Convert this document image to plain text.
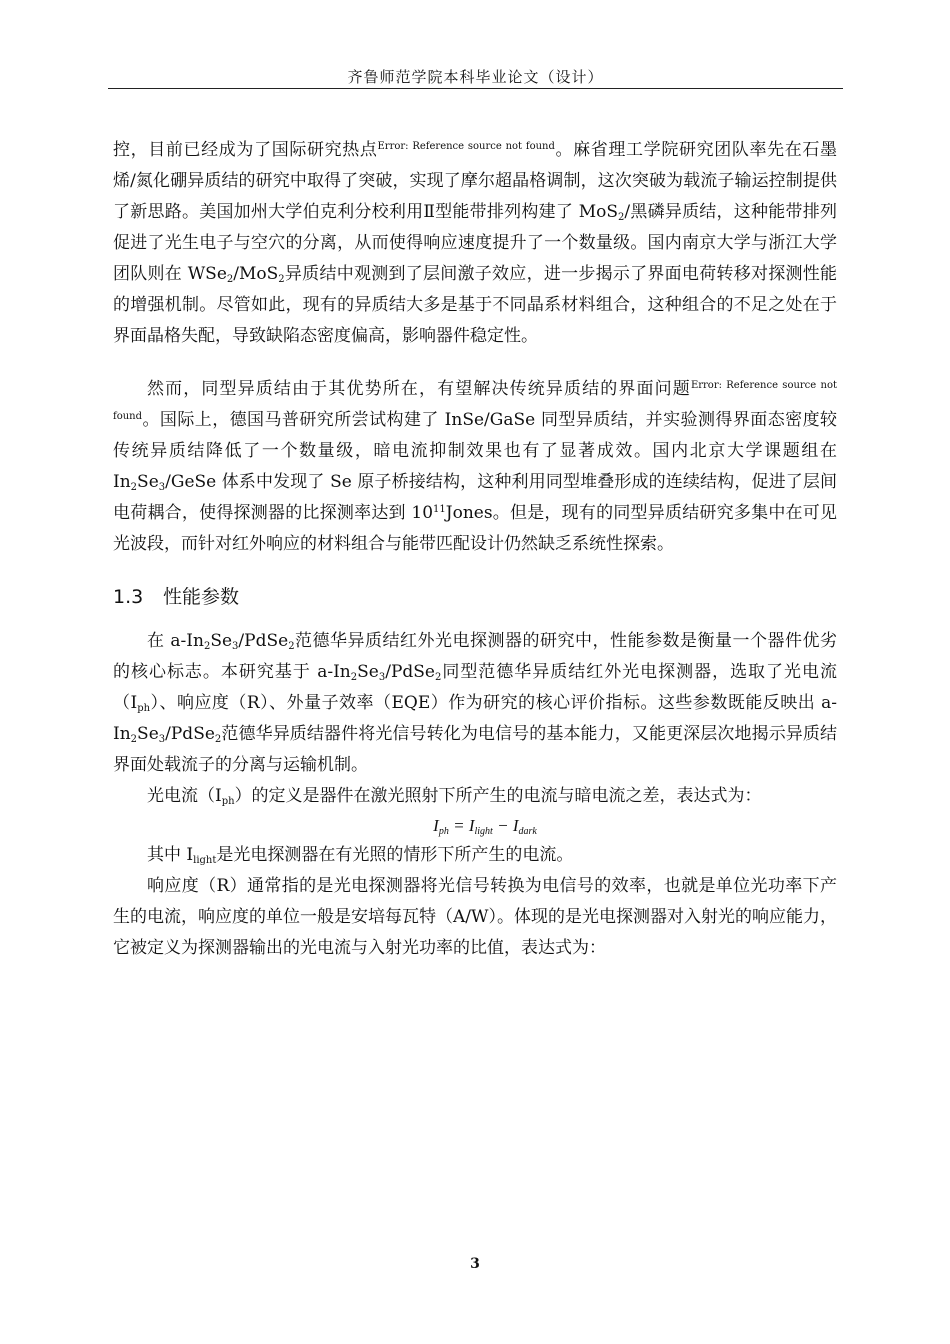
齐鲁师范学院本科毕业论文（设计）

控，目前已经成为了国际研究热点$^{Error: Reference source not found}$。麻省理工学院研究团队率先在石墨烯/氮化硼异质结的研究中取得了突破，实现了摩尔超晶格调制，这次突破为载流子输运控制提供了新思路。美国加州大学伯克利分校利用Ⅱ型能带排列构建了 MoS$_2$/黑磷异质结，这种能带排列促进了光生电子与空穴的分离，从而使得响应速度提升了一个数量级。国内南京大学与浙江大学团队则在 WSe$_2$/MoS$_2$异质结中观测到了层间激子效应，进一步揭示了界面电荷转移对探测性能的增强机制。尽管如此，现有的异质结大多是基于不同晶系材料组合，这种组合的不足之处在于界面晶格失配，导致缺陷态密度偏高，影响器件稳定性。

然而，同型异质结由于其优势所在，有望解决传统异质结的界面问题$^{Error: Reference source not found}$。国际上，德国马普研究所尝试构建了 InSe/GaSe 同型异质结，并实验测得界面态密度较传统异质结降低了一个数量级，暗电流抑制效果也有了显著成效。国内北京大学课题组在 $In_2Se_3$/GeSe 体系中发现了 Se 原子桥接结构，这种利用同型堆叠形成的连续结构，促进了层间电荷耦合，使得探测器的比探测率达到 $10^{11}Jones$。但是，现有的同型异质结研究多集中在可见光波段，而针对红外响应的材料组合与能带匹配设计仍然缺乏系统性探索。

1.3 性能参数

在 $a-In_2Se_3/PdSe_2$范德华异质结红外光电探测器的研究中，性能参数是衡量一个器件优劣的核心标志。本研究基于 $a-In_2Se_3/PdSe_2$同型范德华异质结红外光电探测器，选取了光电流$(I_{ph})$、响应度（R）、外量子效率（EQE）作为研究的核心评价指标。这些参数既能反映出 $a-In_2Se_3/PdSe_2$范德华异质结器件将光信号转化为电信号的基本能力，又能更深层次地揭示异质结界面处载流子的分离与运输机制。

光电流$(I_{ph})$的定义是器件在激光照射下所产生的电流与暗电流之差，表达式为：

$I_{ph} = I_{light} - I_{dark}$

其中 $I_{light}$是光电探测器在有光照的情形下所产生的电流。

响应度（R）通常指的是光电探测器将光信号转换为电信号的效率，也就是单位光功率下产生的电流，响应度的单位一般是安培每瓦特（A/W）。体现的是光电探测器对入射光的响应能力，它被定义为探测器输出的光电流与入射光功率的比值，表达式为：

3
